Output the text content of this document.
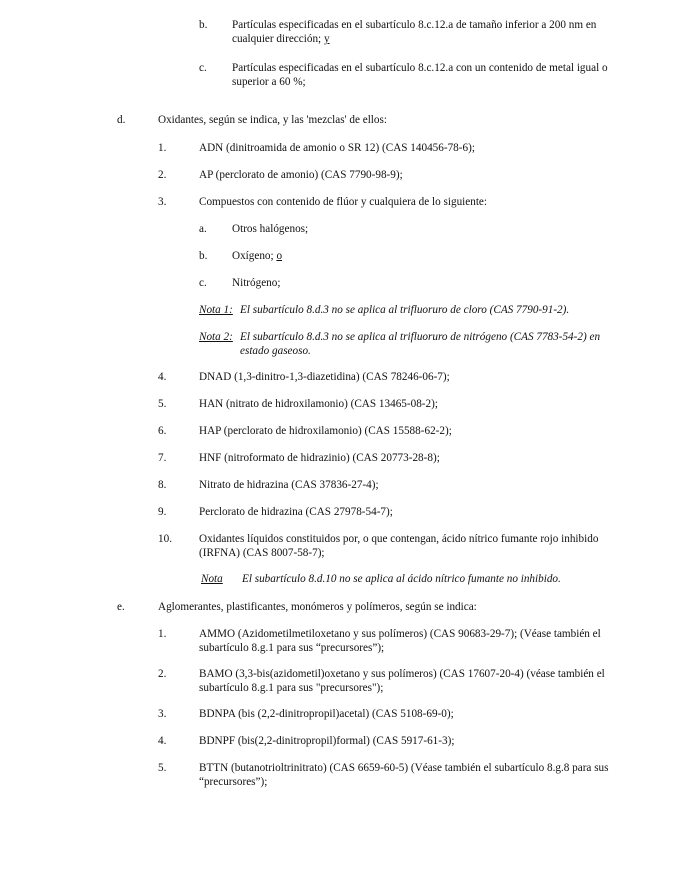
b. Partículas especificadas en el subartículo 8.c.12.a de tamaño inferior a 200 nm en cualquier dirección; y
c. Partículas especificadas en el subartículo 8.c.12.a con un contenido de metal igual o superior a 60 %;
d.	Oxidantes, según se indica, y las 'mezclas' de ellos:
1.	ADN (dinitroamida de amonio o SR 12) (CAS 140456-78-6);
2.	AP (perclorato de amonio) (CAS 7790-98-9);
3.	Compuestos con contenido de flúor y cualquiera de lo siguiente:
a. Otros halógenos;
b. Oxígeno; o
c. Nitrógeno;
Nota 1: El subartículo 8.d.3 no se aplica al trifluoruro de cloro (CAS 7790-91-2).
Nota 2: El subartículo 8.d.3 no se aplica al trifluoruro de nitrógeno (CAS 7783-54-2) en estado gaseoso.
4.	DNAD (1,3-dinitro-1,3-diazetidina) (CAS 78246-06-7);
5.	HAN (nitrato de hidroxilamonio) (CAS 13465-08-2);
6.	HAP (perclorato de hidroxilamonio) (CAS 15588-62-2);
7.	HNF (nitroformato de hidrazinio) (CAS 20773-28-8);
8.	Nitrato de hidrazina (CAS 37836-27-4);
9.	Perclorato de hidrazina (CAS 27978-54-7);
10. Oxidantes líquidos constituidos por, o que contengan, ácido nítrico fumante rojo inhibido (IRFNA) (CAS 8007-58-7);
Nota El subartículo 8.d.10 no se aplica al ácido nítrico fumante no inhibido.
e.	Aglomerantes, plastificantes, monómeros y polímeros, según se indica:
1.	AMMO (Azidometilmetiloxetano y sus polímeros) (CAS 90683-29-7); (Véase también el subartículo 8.g.1 para sus “precursores”);
2.	BAMO (3,3-bis(azidometil)oxetano y sus polímeros) (CAS 17607-20-4) (véase también el subartículo 8.g.1 para sus "precursores");
3.	BDNPA (bis (2,2-dinitropropil)acetal) (CAS 5108-69-0);
4.	BDNPF (bis(2,2-dinitropropil)formal) (CAS 5917-61-3);
5.	BTTN (butanotrioltrinitrato) (CAS 6659-60-5) (Véase también el subartículo 8.g.8 para sus “precursores”);
